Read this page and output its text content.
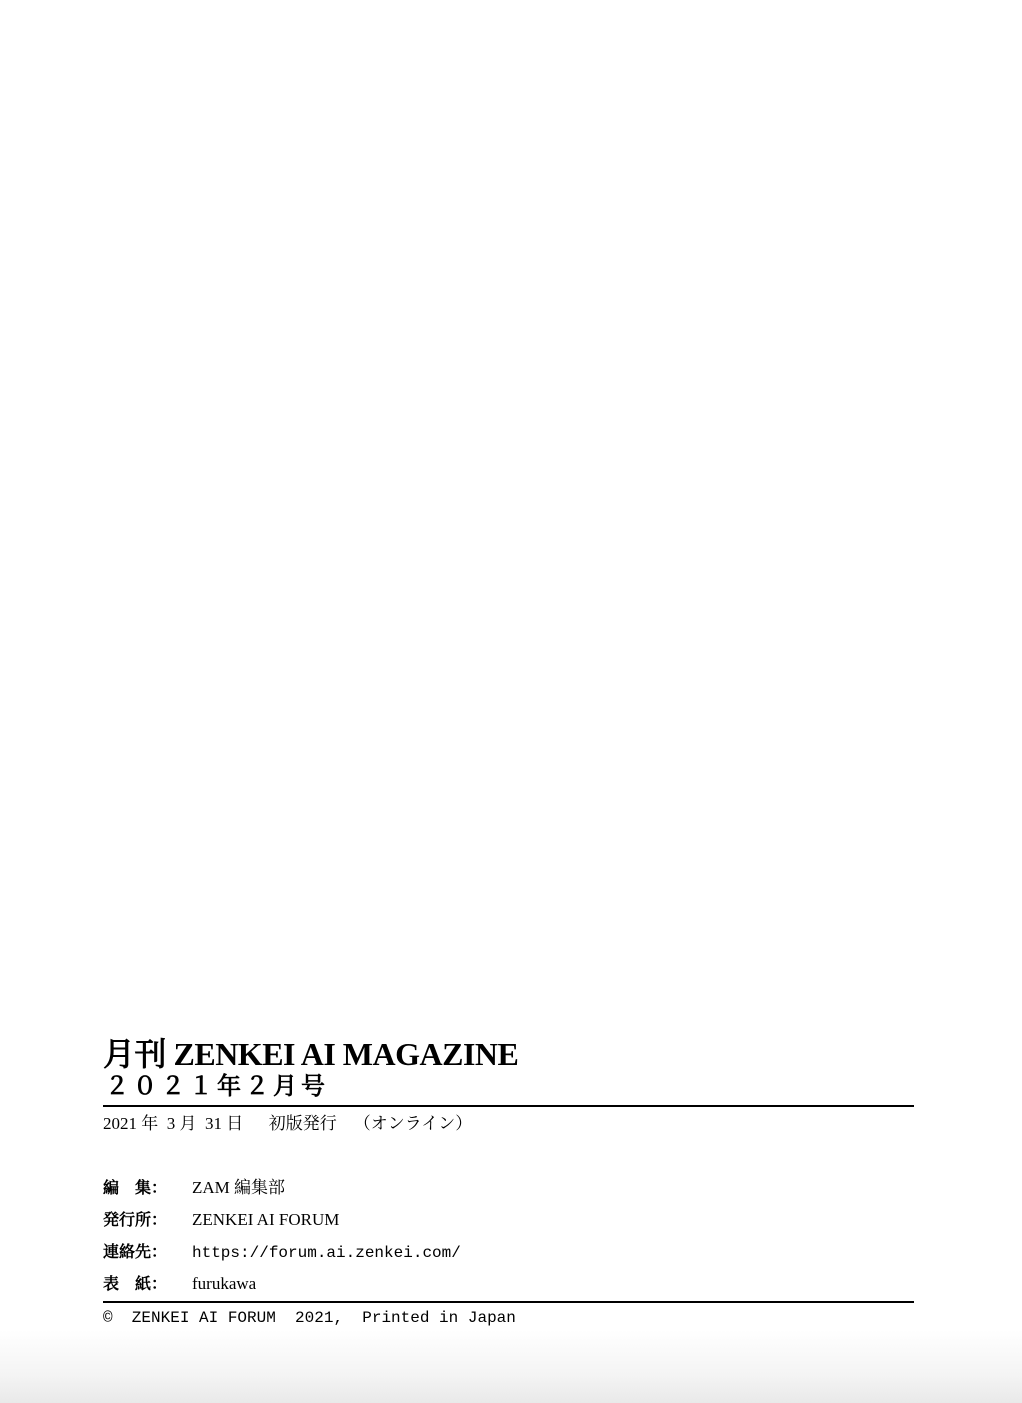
月刊 ZENKEI AI MAGAZINE
２０２１年２月号
2021 年  3 月  31 日      初版発行    （オンライン）
編　集：	ZAM 編集部
発行所：	ZENKEI AI FORUM
連絡先：	https://forum.ai.zenkei.com/
表　紙：	furukawa
©  ZENKEI AI FORUM  2021,  Printed in Japan
